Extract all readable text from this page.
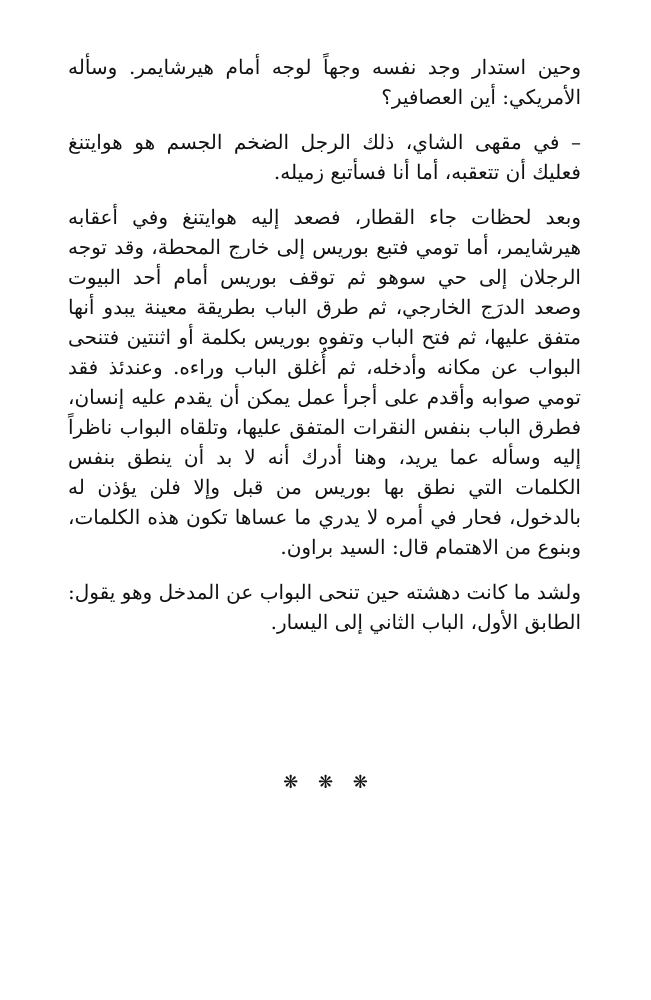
وحين استدار وجد نفسه وجهاً لوجه أمام هيرشايمر. وسأله الأمريكي: أين العصافير؟

– في مقهى الشاي، ذلك الرجل الضخم الجسم هو هوايتنغ فعليك أن تتعقبه، أما أنا فسأتبع زميله.

وبعد لحظات جاء القطار، فصعد إليه هوايتنغ وفي أعقابه هيرشايمر، أما تومي فتبع بوريس إلى خارج المحطة، وقد توجه الرجلان إلى حي سوهو ثم توقف بوريس أمام أحد البيوت وصعد الدرَج الخارجي، ثم طرق الباب بطريقة معينة يبدو أنها متفق عليها، ثم فتح الباب وتفوه بوريس بكلمة أو اثنتين فتنحى البواب عن مكانه وأدخله، ثم أُغلق الباب وراءه. وعندئذ فقد تومي صوابه وأقدم على أجرأ عمل يمكن أن يقدم عليه إنسان، فطرق الباب بنفس النقرات المتفق عليها، وتلقاه البواب ناظراً إليه وسأله عما يريد، وهنا أدرك أنه لا بد أن ينطق بنفس الكلمات التي نطق بها بوريس من قبل وإلا فلن يؤذن له بالدخول، فحار في أمره لا يدري ما عساها تكون هذه الكلمات، وبنوع من الاهتمام قال: السيد براون.

ولشد ما كانت دهشته حين تنحى البواب عن المدخل وهو يقول: الطابق الأول، الباب الثاني إلى اليسار.

❋ ❋ ❋
